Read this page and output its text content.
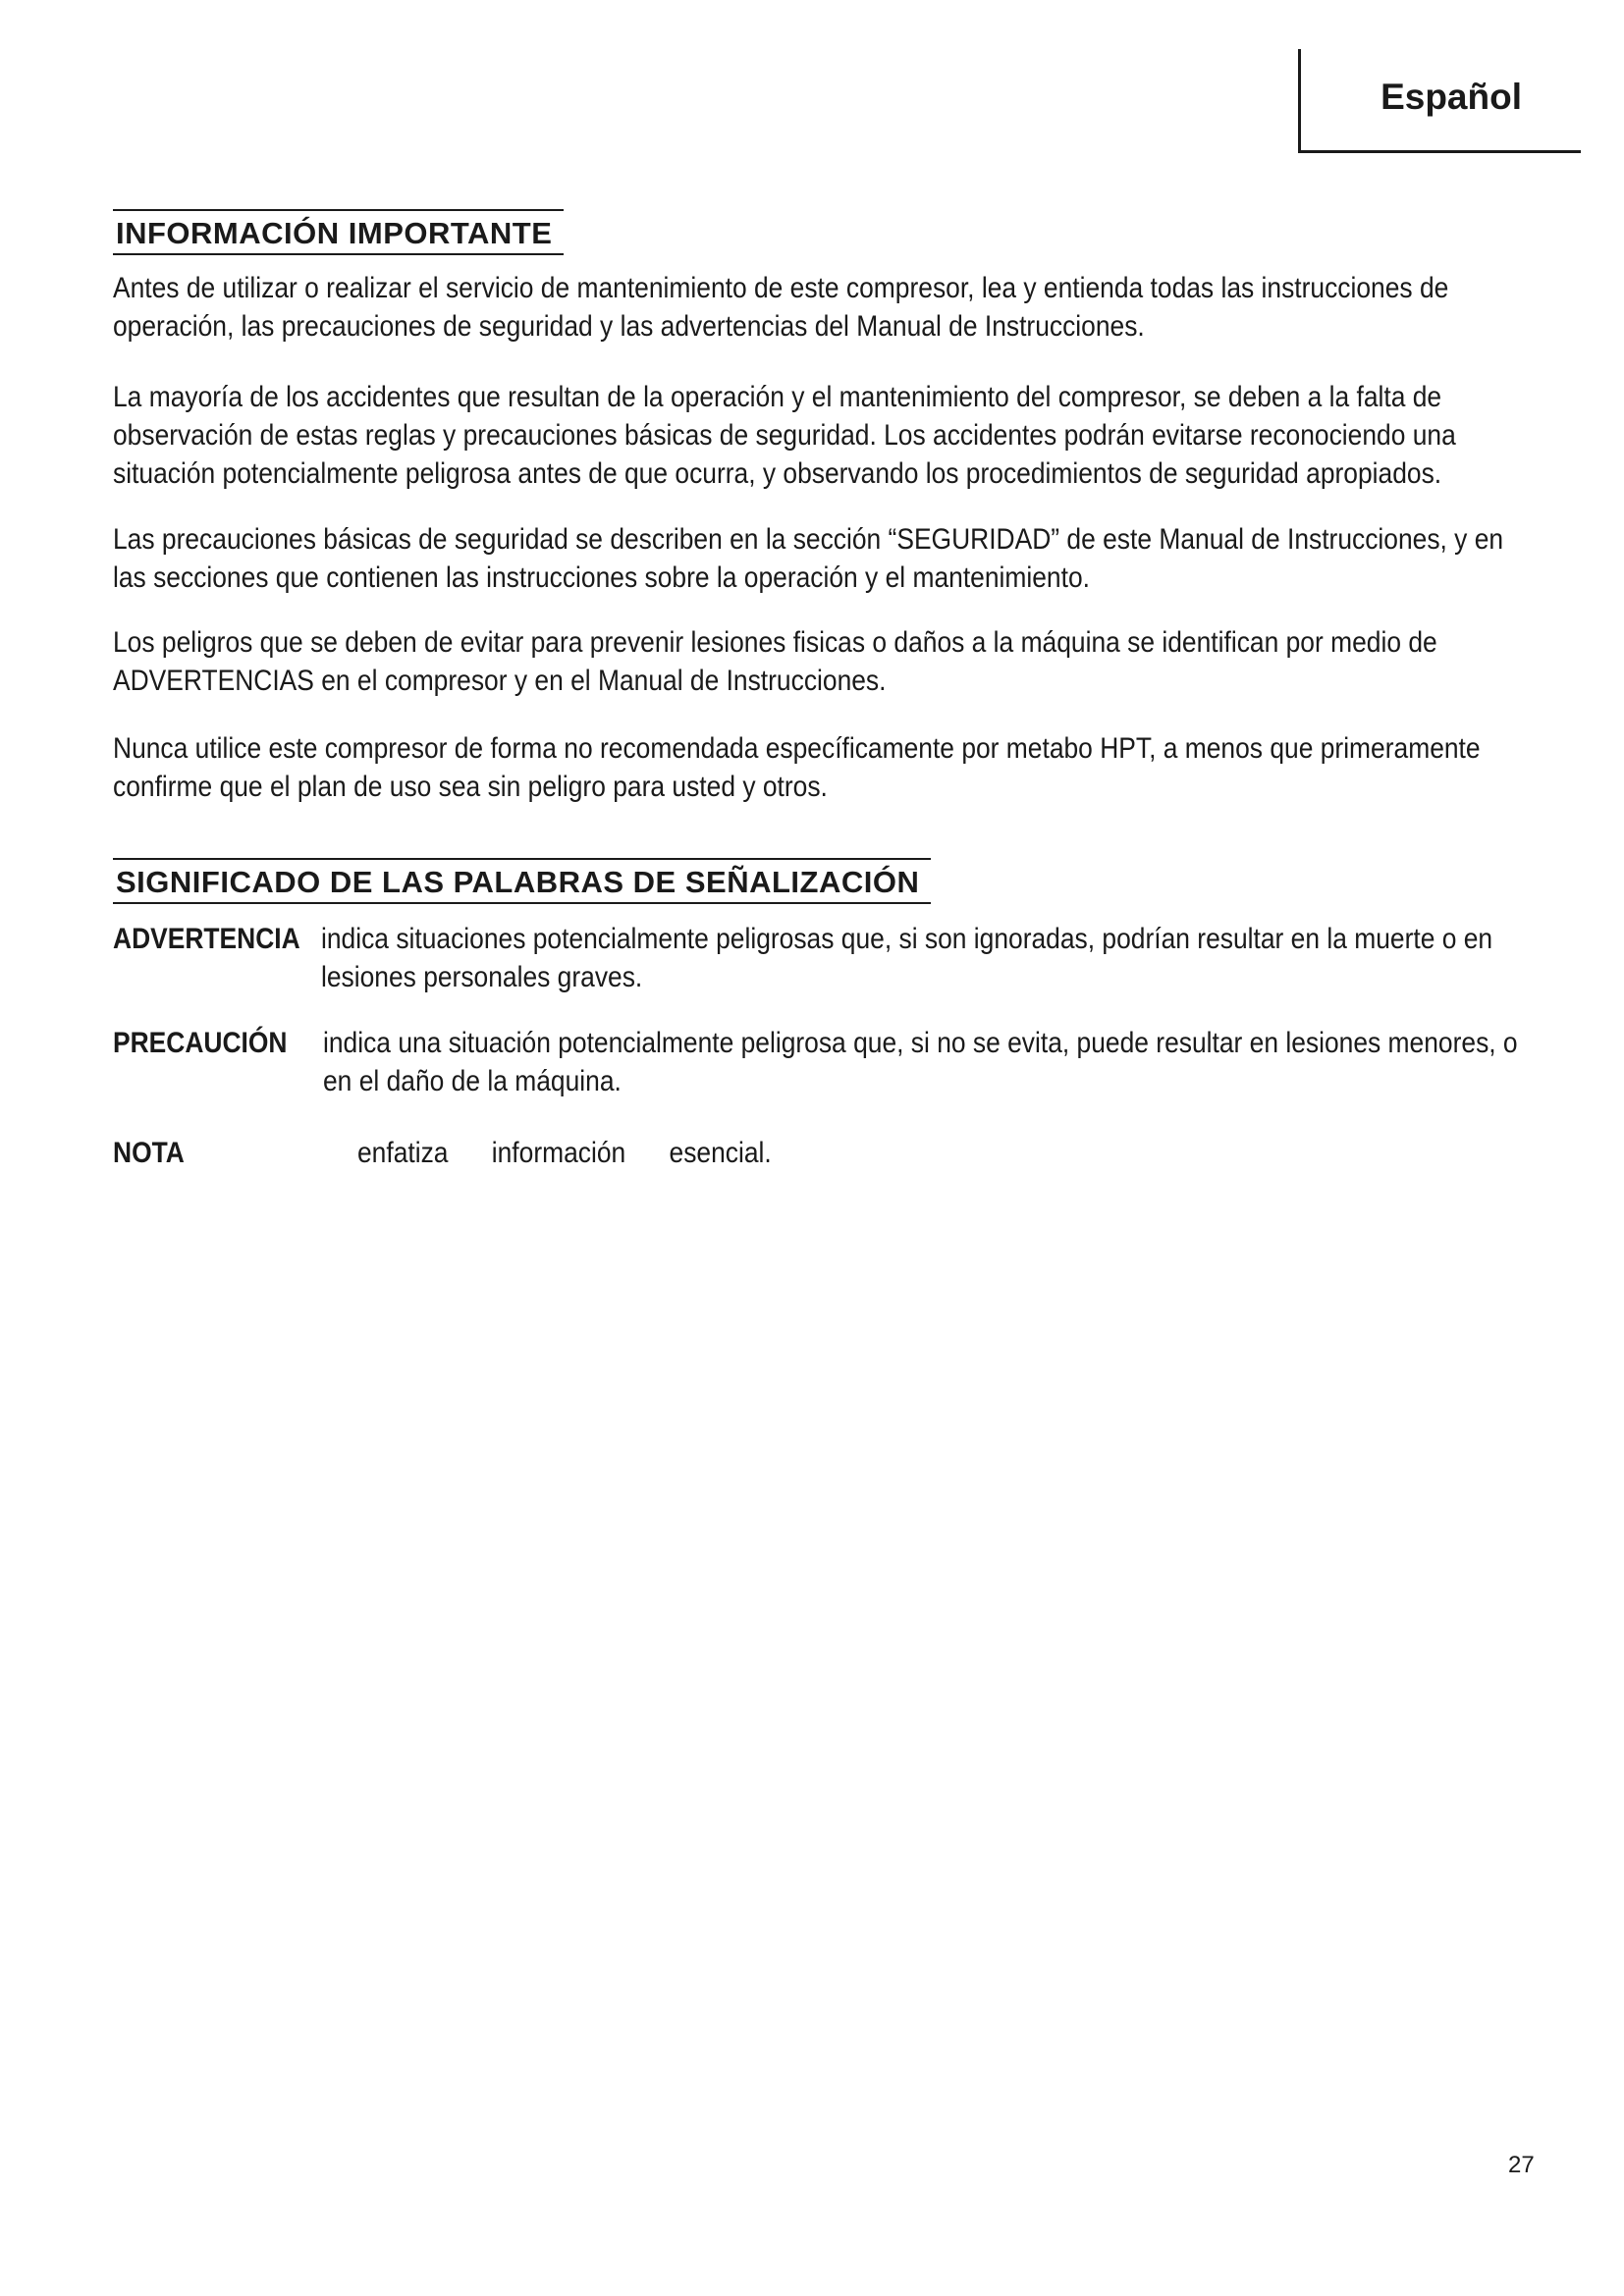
Español
INFORMACIÓN IMPORTANTE

Antes de utilizar o realizar el servicio de mantenimiento de este compresor, lea y entienda todas las instrucciones de operación, las precauciones de seguridad y las advertencias del Manual de Instrucciones.

La mayoría de los accidentes que resultan de la operación y el mantenimiento del compresor, se deben a la falta de observación de estas reglas y precauciones básicas de seguridad. Los accidentes podrán evitarse reconociendo una situación potencialmente peligrosa antes de que ocurra, y observando los procedimientos de seguridad apropiados.

Las precauciones básicas de seguridad se describen en la sección “SEGURIDAD” de este Manual de Instrucciones, y en las secciones que contienen las instrucciones sobre la operación y el mantenimiento.

Los peligros que se deben de evitar para prevenir lesiones fisicas o daños a la máquina se identifican por medio de ADVERTENCIAS en el compresor y en el Manual de Instrucciones.

Nunca utilice este compresor de forma no recomendada específicamente por metabo HPT, a menos que primeramente confirme que el plan de uso sea sin peligro para usted y otros.

SIGNIFICADO DE LAS PALABRAS DE SEÑALIZACIÓN
ADVERTENCIA indica situaciones potencialmente peligrosas que, si son ignoradas, podrían resultar en la muerte o en lesiones personales graves.
PRECAUCIÓN indica una situación potencialmente peligrosa que, si no se evita, puede resultar en lesiones menores, o en el daño de la máquina.
NOTA	enfatiza información esencial.
27
